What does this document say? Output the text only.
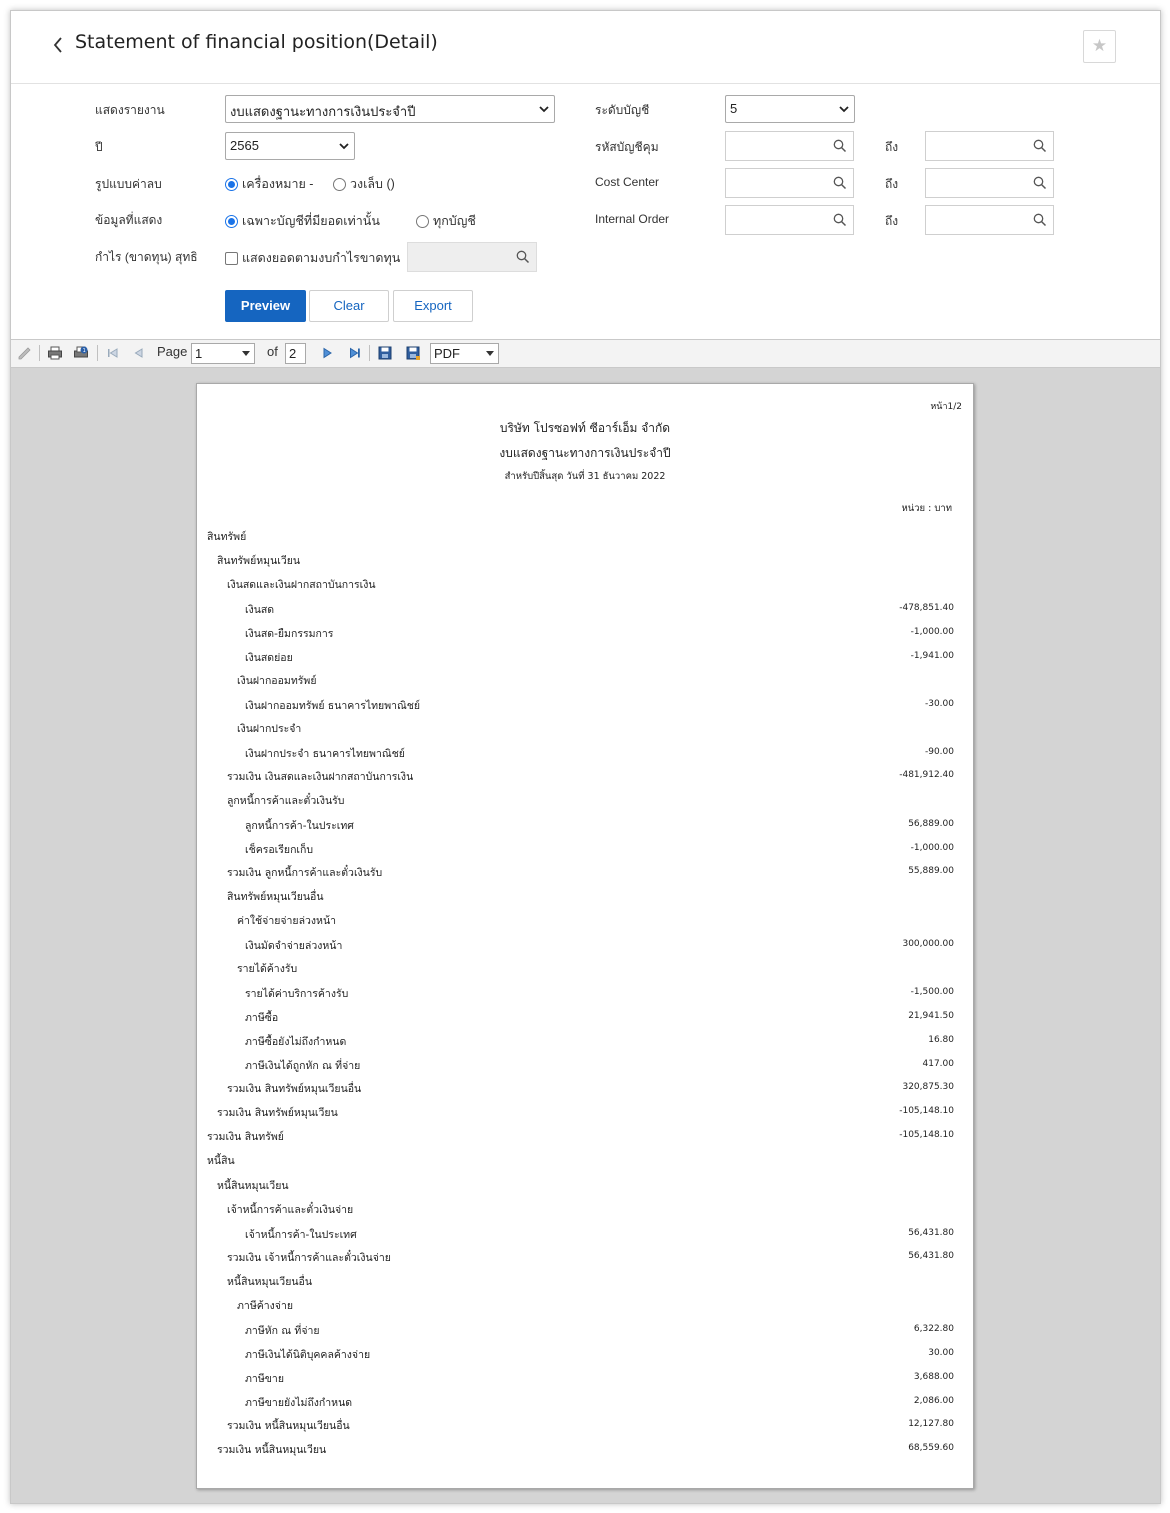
Statement of financial position(Detail)	★
แสดงรายงาน	งบแสดงฐานะทางการเงินประจำปี
ปี	2565
รูปแบบค่าลบ	เครื่องหมาย -	วงเล็บ ()
ข้อมูลที่แสดง	เฉพาะบัญชีที่มียอดเท่านั้น	ทุกบัญชี
กำไร (ขาดทุน) สุทธิ	แสดงยอดตามงบกำไรขาดทุน
ระดับบัญชี	5
รหัสบัญชีคุม	ถึง
Cost Center	ถึง
Internal Order	ถึง
Preview	Clear	Export
1	Page 1	of 2	PDF
หน้า1/2
บริษัท โปรซอฟท์ ซีอาร์เอ็ม จำกัด
งบแสดงฐานะทางการเงินประจำปี
สำหรับปีสิ้นสุด วันที่ 31 ธันวาคม 2022
หน่วย : บาท
สินทรัพย์
สินทรัพย์หมุนเวียน
เงินสดและเงินฝากสถาบันการเงิน
เงินสด	-478,851.40
เงินสด-ยืมกรรมการ	-1,000.00
เงินสดย่อย	-1,941.00
เงินฝากออมทรัพย์
เงินฝากออมทรัพย์ ธนาคารไทยพาณิชย์	-30.00
เงินฝากประจำ
เงินฝากประจำ ธนาคารไทยพาณิชย์	-90.00
รวมเงิน เงินสดและเงินฝากสถาบันการเงิน	-481,912.40
ลูกหนี้การค้าและตั๋วเงินรับ
ลูกหนี้การค้า-ในประเทศ	56,889.00
เช็ครอเรียกเก็บ	-1,000.00
รวมเงิน ลูกหนี้การค้าและตั๋วเงินรับ	55,889.00
สินทรัพย์หมุนเวียนอื่น
ค่าใช้จ่ายจ่ายล่วงหน้า
เงินมัดจำจ่ายล่วงหน้า	300,000.00
รายได้ค้างรับ
รายได้ค่าบริการค้างรับ	-1,500.00
ภาษีซื้อ	21,941.50
ภาษีซื้อยังไม่ถึงกำหนด	16.80
ภาษีเงินได้ถูกหัก ณ ที่จ่าย	417.00
รวมเงิน สินทรัพย์หมุนเวียนอื่น	320,875.30
รวมเงิน สินทรัพย์หมุนเวียน	-105,148.10
รวมเงิน สินทรัพย์	-105,148.10
หนี้สิน
หนี้สินหมุนเวียน
เจ้าหนี้การค้าและตั๋วเงินจ่าย
เจ้าหนี้การค้า-ในประเทศ	56,431.80
รวมเงิน เจ้าหนี้การค้าและตั๋วเงินจ่าย	56,431.80
หนี้สินหมุนเวียนอื่น
ภาษีค้างจ่าย
ภาษีหัก ณ ที่จ่าย	6,322.80
ภาษีเงินได้นิติบุคคลค้างจ่าย	30.00
ภาษีขาย	3,688.00
ภาษีขายยังไม่ถึงกำหนด	2,086.00
รวมเงิน หนี้สินหมุนเวียนอื่น	12,127.80
รวมเงิน หนี้สินหมุนเวียน	68,559.60
